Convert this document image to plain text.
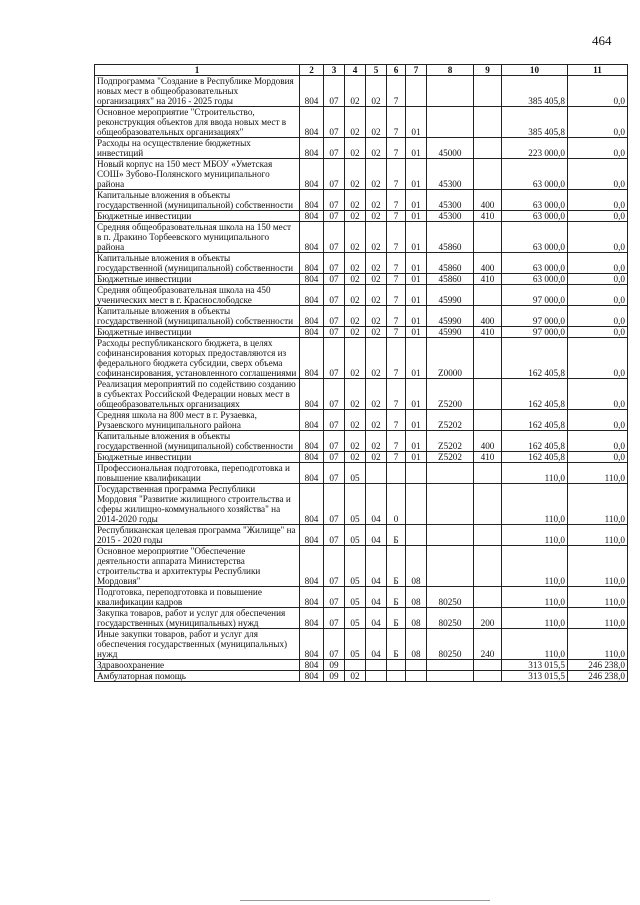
464
1	2	3	4	5	6	7	8	9	10	11
Подпрограмма "Создание в Республике Мордовия новых мест в общеобразовательных организациях" на 2016 - 2025 годы	804	07	02	02	7				385 405,8	0,0
Основное мероприятие "Строительство, реконструкция объектов для ввода новых мест в общеобразовательных организациях"	804	07	02	02	7	01			385 405,8	0,0
Расходы на осуществление бюджетных инвестиций	804	07	02	02	7	01	45000		223 000,0	0,0
Новый корпус на 150 мест МБОУ «Уметская СОШ» Зубово-Полянского муниципального района	804	07	02	02	7	01	45300		63 000,0	0,0
Капитальные вложения в объекты государственной (муниципальной) собственности	804	07	02	02	7	01	45300	400	63 000,0	0,0
Бюджетные инвестиции	804	07	02	02	7	01	45300	410	63 000,0	0,0
Средняя общеобразовательная школа на 150 мест в п. Дракино Торбеевского муниципального района	804	07	02	02	7	01	45860		63 000,0	0,0
Капитальные вложения в объекты государственной (муниципальной) собственности	804	07	02	02	7	01	45860	400	63 000,0	0,0
Бюджетные инвестиции	804	07	02	02	7	01	45860	410	63 000,0	0,0
Средняя общеобразовательная школа на 450 ученических мест в г. Краснослободске	804	07	02	02	7	01	45990		97 000,0	0,0
Капитальные вложения в объекты государственной (муниципальной) собственности	804	07	02	02	7	01	45990	400	97 000,0	0,0
Бюджетные инвестиции	804	07	02	02	7	01	45990	410	97 000,0	0,0
Расходы республиканского бюджета, в целях софинансирования которых предоставляются из федерального бюджета субсидии, сверх объема софинансирования, установленного соглашениями	804	07	02	02	7	01	Z0000		162 405,8	0,0
Реализация мероприятий по содействию созданию в субъектах Российской Федерации новых мест в общеобразовательных организациях	804	07	02	02	7	01	Z5200		162 405,8	0,0
Средняя школа на 800 мест в г. Рузаевка, Рузаевского муниципального района	804	07	02	02	7	01	Z5202		162 405,8	0,0
Капитальные вложения в объекты государственной (муниципальной) собственности	804	07	02	02	7	01	Z5202	400	162 405,8	0,0
Бюджетные инвестиции	804	07	02	02	7	01	Z5202	410	162 405,8	0,0
Профессиональная подготовка, переподготовка и повышение квалификации	804	07	05						110,0	110,0
Государственная программа Республики Мордовия "Развитие жилищного строительства и сферы жилищно-коммунального хозяйства" на 2014-2020 годы	804	07	05	04	0				110,0	110,0
Республиканская целевая программа "Жилище" на 2015 - 2020 годы	804	07	05	04	Б				110,0	110,0
Основное мероприятие "Обеспечение деятельности аппарата Министерства строительства и архитектуры Республики Мордовия"	804	07	05	04	Б	08			110,0	110,0
Подготовка, переподготовка и повышение квалификации кадров	804	07	05	04	Б	08	80250		110,0	110,0
Закупка товаров, работ и услуг для обеспечения государственных (муниципальных) нужд	804	07	05	04	Б	08	80250	200	110,0	110,0
Иные закупки товаров, работ и услуг для обеспечения государственных (муниципальных) нужд	804	07	05	04	Б	08	80250	240	110,0	110,0
Здравоохранение	804	09							313 015,5	246 238,0
Амбулаторная помощь	804	09	02						313 015,5	246 238,0
